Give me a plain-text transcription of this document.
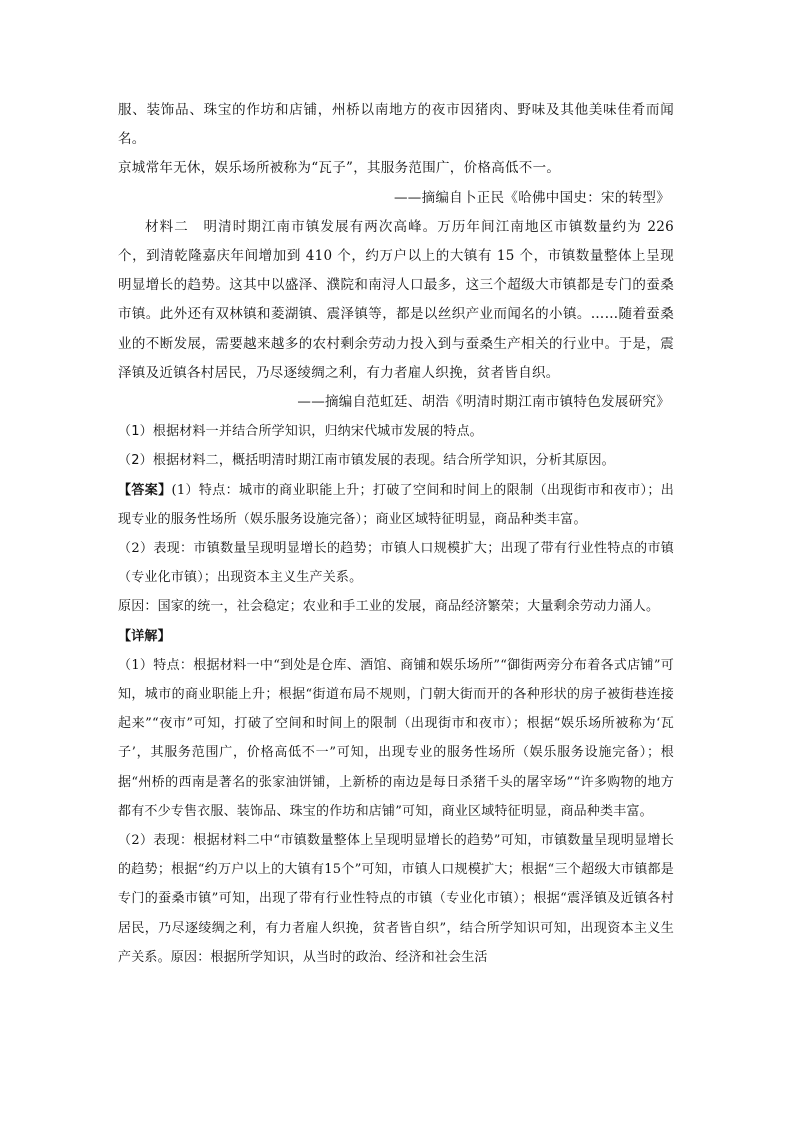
服、装饰品、珠宝的作坊和店铺，州桥以南地方的夜市因猪肉、野味及其他美味佳肴而闻名。

京城常年无休，娱乐场所被称为“瓦子”，其服务范围广，价格高低不一。

——摘编自卜正民《哈佛中国史：宋的转型》

材料二　明清时期江南市镇发展有两次高峰。万历年间江南地区市镇数量约为 226 个，到清乾隆嘉庆年间增加到 410 个，约万户以上的大镇有 15 个，市镇数量整体上呈现明显增长的趋势。这其中以盛泽、濮院和南浔人口最多，这三个超级大市镇都是专门的蚕桑市镇。此外还有双林镇和菱湖镇、震泽镇等，都是以丝织产业而闻名的小镇。……随着蚕桑业的不断发展，需要越来越多的农村剩余劳动力投入到与蚕桑生产相关的行业中。于是，震泽镇及近镇各村居民，乃尽逐绫绸之利，有力者雇人织挽，贫者皆自织。

——摘编自范虹廷、胡浩《明清时期江南市镇特色发展研究》

（1）根据材料一并结合所学知识，归纳宋代城市发展的特点。

（2）根据材料二，概括明清时期江南市镇发展的表现。结合所学知识，分析其原因。

【答案】(1）特点：城市的商业职能上升；打破了空间和时间上的限制（出现街市和夜市）；出现专业的服务性场所（娱乐服务设施完备）；商业区域特征明显，商品种类丰富。

（2）表现：市镇数量呈现明显增长的趋势；市镇人口规模扩大；出现了带有行业性特点的市镇（专业化市镇）；出现资本主义生产关系。

原因：国家的统一，社会稳定；农业和手工业的发展，商品经济繁荣；大量剩余劳动力涌人。

【详解】

（1）特点：根据材料一中“到处是仓库、酒馆、商铺和娱乐场所”“御街两旁分布着各式店铺”可知，城市的商业职能上升；根据“街道布局不规则，门朝大街而开的各种形状的房子被街巷连接起来”“夜市”可知，打破了空间和时间上的限制（出现街市和夜市）；根据“娱乐场所被称为‘瓦子’，其服务范围广，价格高低不一”可知，出现专业的服务性场所（娱乐服务设施完备）；根据“州桥的西南是著名的张家油饼铺，上新桥的南边是每日杀猪千头的屠宰场”“许多购物的地方都有不少专售衣服、装饰品、珠宝的作坊和店铺”可知，商业区域特征明显，商品种类丰富。

（2）表现：根据材料二中“市镇数量整体上呈现明显增长的趋势”可知，市镇数量呈现明显增长的趋势；根据“约万户以上的大镇有15个”可知，市镇人口规模扩大；根据“三个超级大市镇都是专门的蚕桑市镇”可知，出现了带有行业性特点的市镇（专业化市镇）；根据“震泽镇及近镇各村居民，乃尽逐绫绸之利，有力者雇人织挽，贫者皆自织”，结合所学知识可知，出现资本主义生产关系。原因：根据所学知识，从当时的政治、经济和社会生活
